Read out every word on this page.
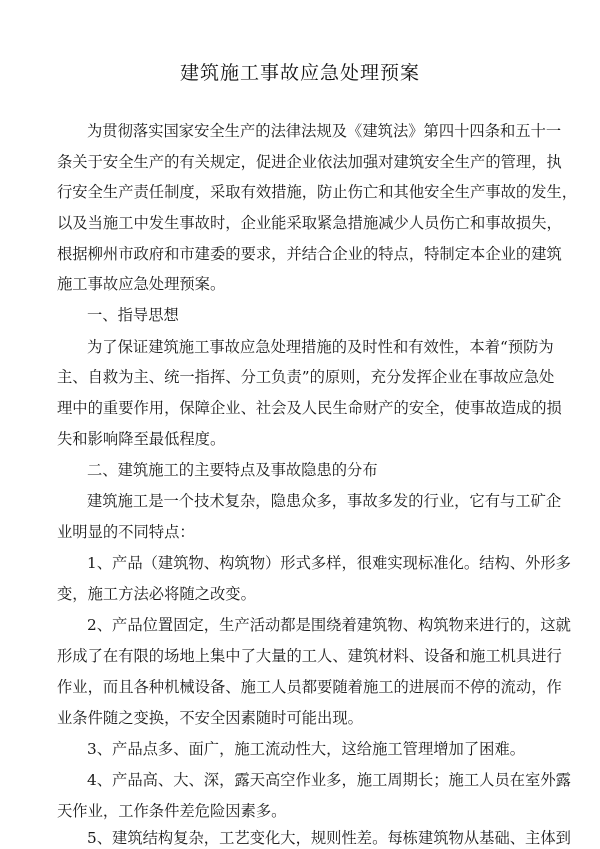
建筑施工事故应急处理预案
为贯彻落实国家安全生产的法律法规及《建筑法》第四十四条和五十一
条关于安全生产的有关规定，促进企业依法加强对建筑安全生产的管理，执
行安全生产责任制度，采取有效措施，防止伤亡和其他安全生产事故的发生，
以及当施工中发生事故时，企业能采取紧急措施减少人员伤亡和事故损失，
根据柳州市政府和市建委的要求，并结合企业的特点，特制定本企业的建筑
施工事故应急处理预案。
一、指导思想
为了保证建筑施工事故应急处理措施的及时性和有效性，本着“预防为
主、自救为主、统一指挥、分工负责”的原则，充分发挥企业在事故应急处
理中的重要作用，保障企业、社会及人民生命财产的安全，使事故造成的损
失和影响降至最低程度。
二、建筑施工的主要特点及事故隐患的分布
建筑施工是一个技术复杂，隐患众多，事故多发的行业，它有与工矿企
业明显的不同特点：
1、产品（建筑物、构筑物）形式多样，很难实现标准化。结构、外形多
变，施工方法必将随之改变。
2、产品位置固定，生产活动都是围绕着建筑物、构筑物来进行的，这就
形成了在有限的场地上集中了大量的工人、建筑材料、设备和施工机具进行
作业，而且各种机械设备、施工人员都要随着施工的进展而不停的流动，作
业条件随之变换，不安全因素随时可能出现。
3、产品点多、面广，施工流动性大，这给施工管理增加了困难。
4、产品高、大、深，露天高空作业多，施工周期长；施工人员在室外露
天作业，工作条件差危险因素多。
5、建筑结构复杂，工艺变化大，规则性差。每栋建筑物从基础、主体到
